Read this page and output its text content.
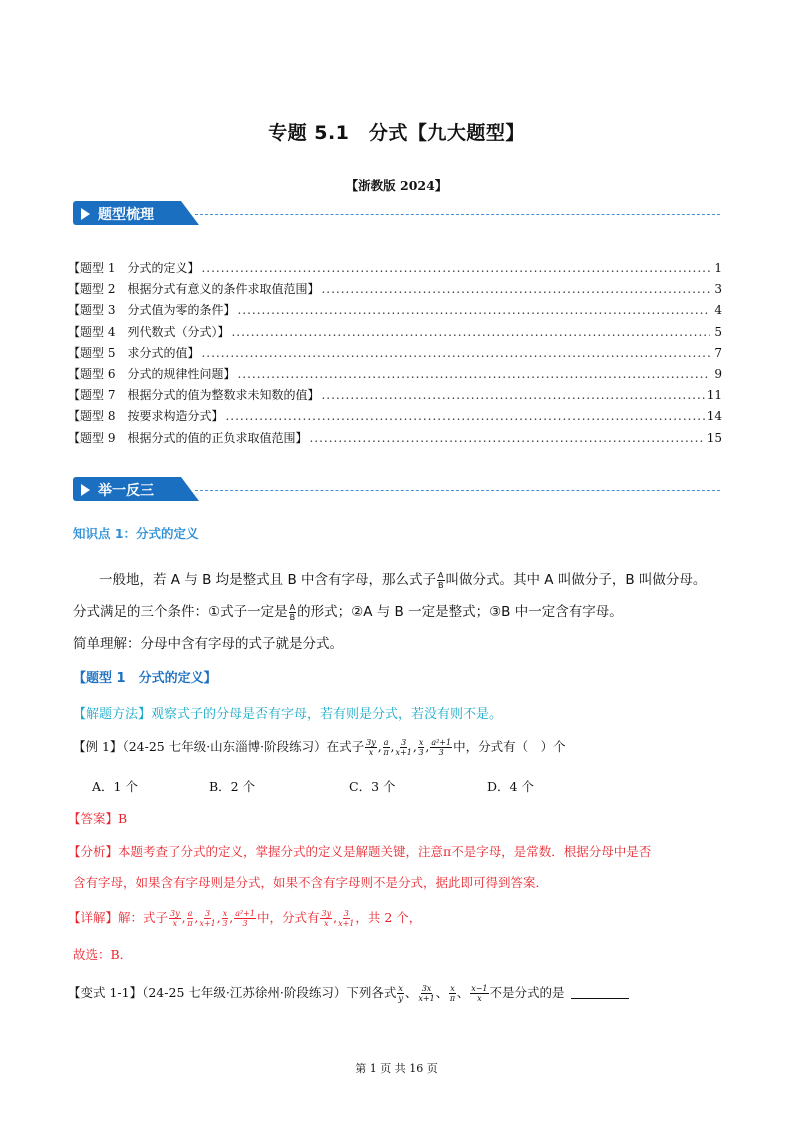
专题 5.1　分式【九大题型】
【浙教版 2024】
题型梳理
【题型 1 分式的定义】 .....	1
【题型 2 根据分式有意义的条件求取值范围】 .....	3
【题型 3 分式值为零的条件】 .....	4
【题型 4 列代数式（分式）】 .....	5
【题型 5 求分式的值】 .....	7
【题型 6 分式的规律性问题】 .....	9
【题型 7 根据分式的值为整数求未知数的值】 .....	11
【题型 8 按要求构造分式】 .....	14
【题型 9 根据分式的值的正负求取值范围】 .....	15
举一反三
知识点 1：分式的定义
一般地，若 A 与 B 均是整式且 B 中含有字母，那么式子 $\frac{A}{B}$ 叫做分式。其中 A 叫做分子，B 叫做分母。
分式满足的三个条件：①式子一定是 $\frac{A}{B}$ 的形式；②A 与 B 一定是整式；③B 中一定含有字母。
简单理解：分母中含有字母的式子就是分式。
【题型 1　分式的定义】
【解题方法】观察式子的分母是否有字母，若有则是分式，若没有则不是。
【例 1】（24-25 七年级·山东淄博·阶段练习）在式子 $\frac{3y}{x}$ , $\frac{a}{\pi}$ , $\frac{3}{x+1}$ , $\frac{x}{3}$ , $\frac{\text{a²+1}}{3}$ 中，分式有（　）个
A．1 个	B．2 个	C．3 个	D．4 个
【答案】B
【分析】本题考查了分式的定义，掌握分式的定义是解题关键，注意π不是字母，是常数．根据分母中是否
含有字母，如果含有字母则是分式，如果不含有字母则不是分式，据此即可得到答案．
【详解】解：式子 $\frac{3y}{x}$ , $\frac{a}{\pi}$ , $\frac{3}{x+1}$ , $\frac{x}{3}$ , $\frac{\text{a²+1}}{3}$ 中，分式有 $\frac{3y}{x}$ , $\frac{3}{x+1}$ ，共 2 个，
故选：B．
【变式 1-1】（24-25 七年级·江苏徐州·阶段练习）下列各式 $\frac{x}{y}$ 、 $\frac{3x}{x+1}$ 、 $\frac{x}{\pi}$ 、 $\frac{x-1}{x}$ 不是分式的是
第 1 页 共 16 页
